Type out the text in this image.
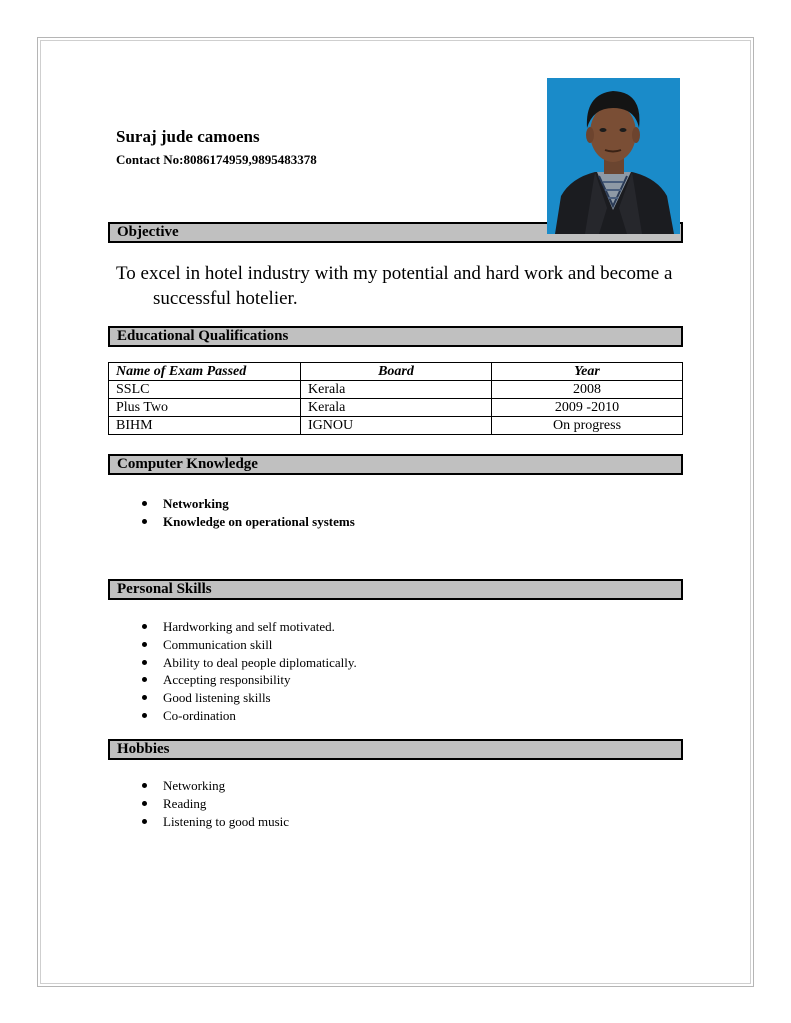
Suraj jude camoens
Contact No:8086174959,9895483378
Objective
To excel in hotel industry with my potential and hard work and become a successful hotelier.
Educational Qualifications
Name of Exam Passed	Board	Year
SSLC	Kerala	2008
Plus Two	Kerala	2009 -2010
BIHM	IGNOU	On progress
Computer Knowledge
Networking
Knowledge on operational systems
Personal Skills
Hardworking and self motivated.
Communication skill
Ability to deal people diplomatically.
Accepting responsibility
Good listening skills
Co-ordination
Hobbies
Networking
Reading
Listening to good music
